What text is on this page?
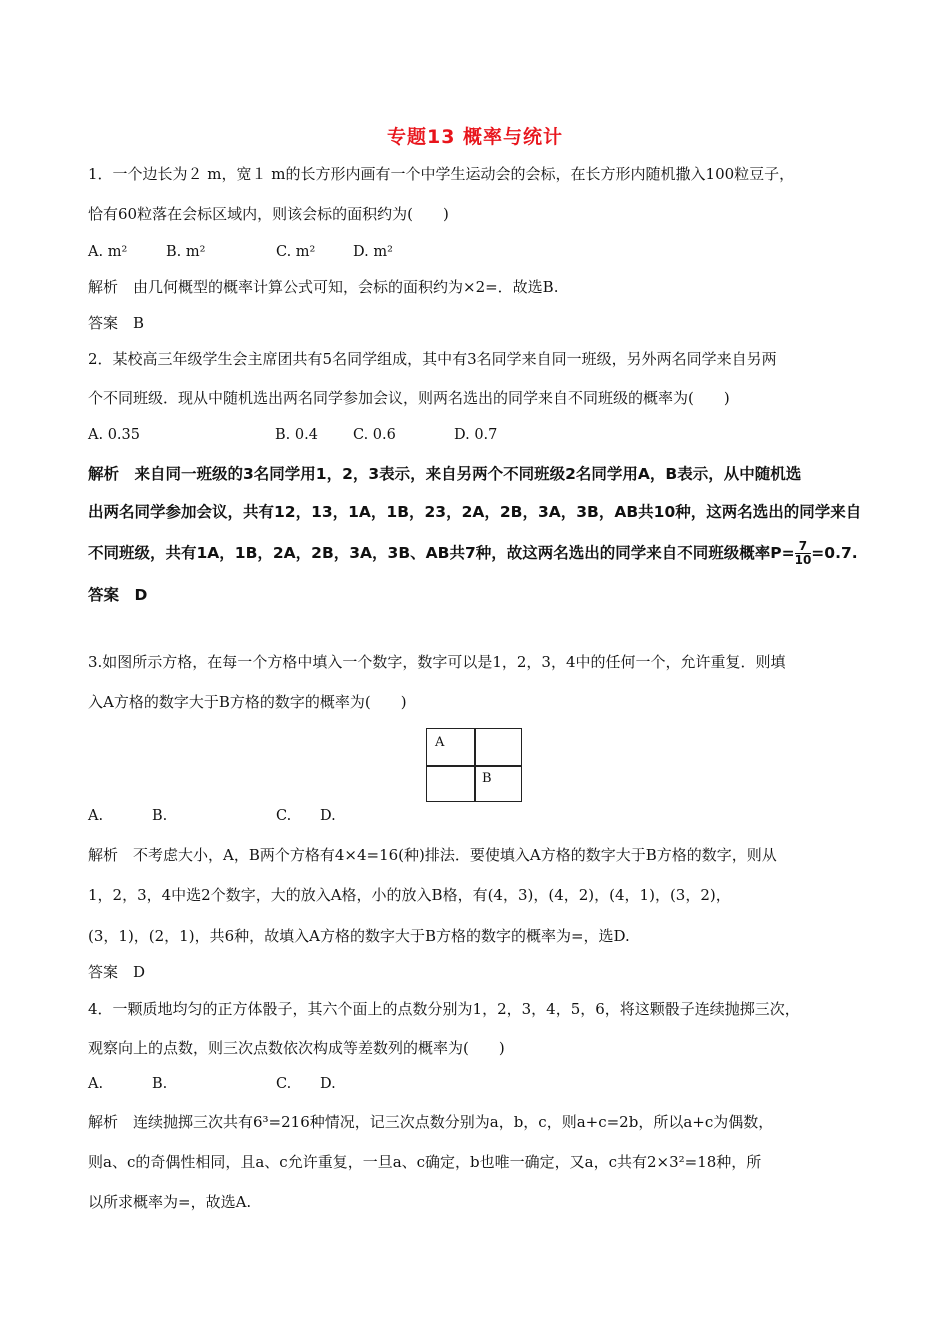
专题13 概率与统计
1．一个边长为２ m，宽１ m的长方形内画有一个中学生运动会的会标，在长方形内随机撒入100粒豆子，
恰有60粒落在会标区域内，则该会标的面积约为(　　)
A. m²	B. m²	C. m²	D. m²
解析　由几何概型的概率计算公式可知，会标的面积约为×2=．故选B.
答案　B
2．某校高三年级学生会主席团共有5名同学组成，其中有3名同学来自同一班级，另外两名同学来自另两
个不同班级．现从中随机选出两名同学参加会议，则两名选出的同学来自不同班级的概率为(　　)
A. 0.35	B. 0.4 C. 0.6	D. 0.7
解析　来自同一班级的3名同学用1，2，3表示，来自另两个不同班级2名同学用A，B表示，从中随机选
出两名同学参加会议，共有12，13，1A，1B，23，2A，2B，3A，3B，AB共10种，这两名选出的同学来自
不同班级，共有1A，1B，2A，2B，3A，3B、AB共7种，故这两名选出的同学来自不同班级概率$P= \frac{7}{10} =0.7$.
答案　D
3.如图所示方格，在每一个方格中填入一个数字，数字可以是1，2，3，4中的任何一个，允许重复．则填
入A方格的数字大于B方格的数字的概率为(　　)
A
B
A.	B.	C. D.
解析　不考虑大小，A，B两个方格有4×4=16(种)排法．要使填入A方格的数字大于B方格的数字，则从
1，2，3，4中选2个数字，大的放入A格，小的放入B格，有(4，3)，(4，2)，(4，1)，(3，2)，
(3，1)，(2，1)，共6种，故填入A方格的数字大于B方格的数字的概率为=，选D.
答案　D
4．一颗质地均匀的正方体骰子，其六个面上的点数分别为1，2，3，4，5，6，将这颗骰子连续抛掷三次，
观察向上的点数，则三次点数依次构成等差数列的概率为(　　)
A.	B.	C. D.
解析　连续抛掷三次共有6³=216种情况，记三次点数分别为a，b，c，则a+c=2b，所以a+c为偶数，
则a、c的奇偶性相同，且a、c允许重复，一旦a、c确定，b也唯一确定，又a，c共有2×3²=18种，所
以所求概率为=，故选A.
